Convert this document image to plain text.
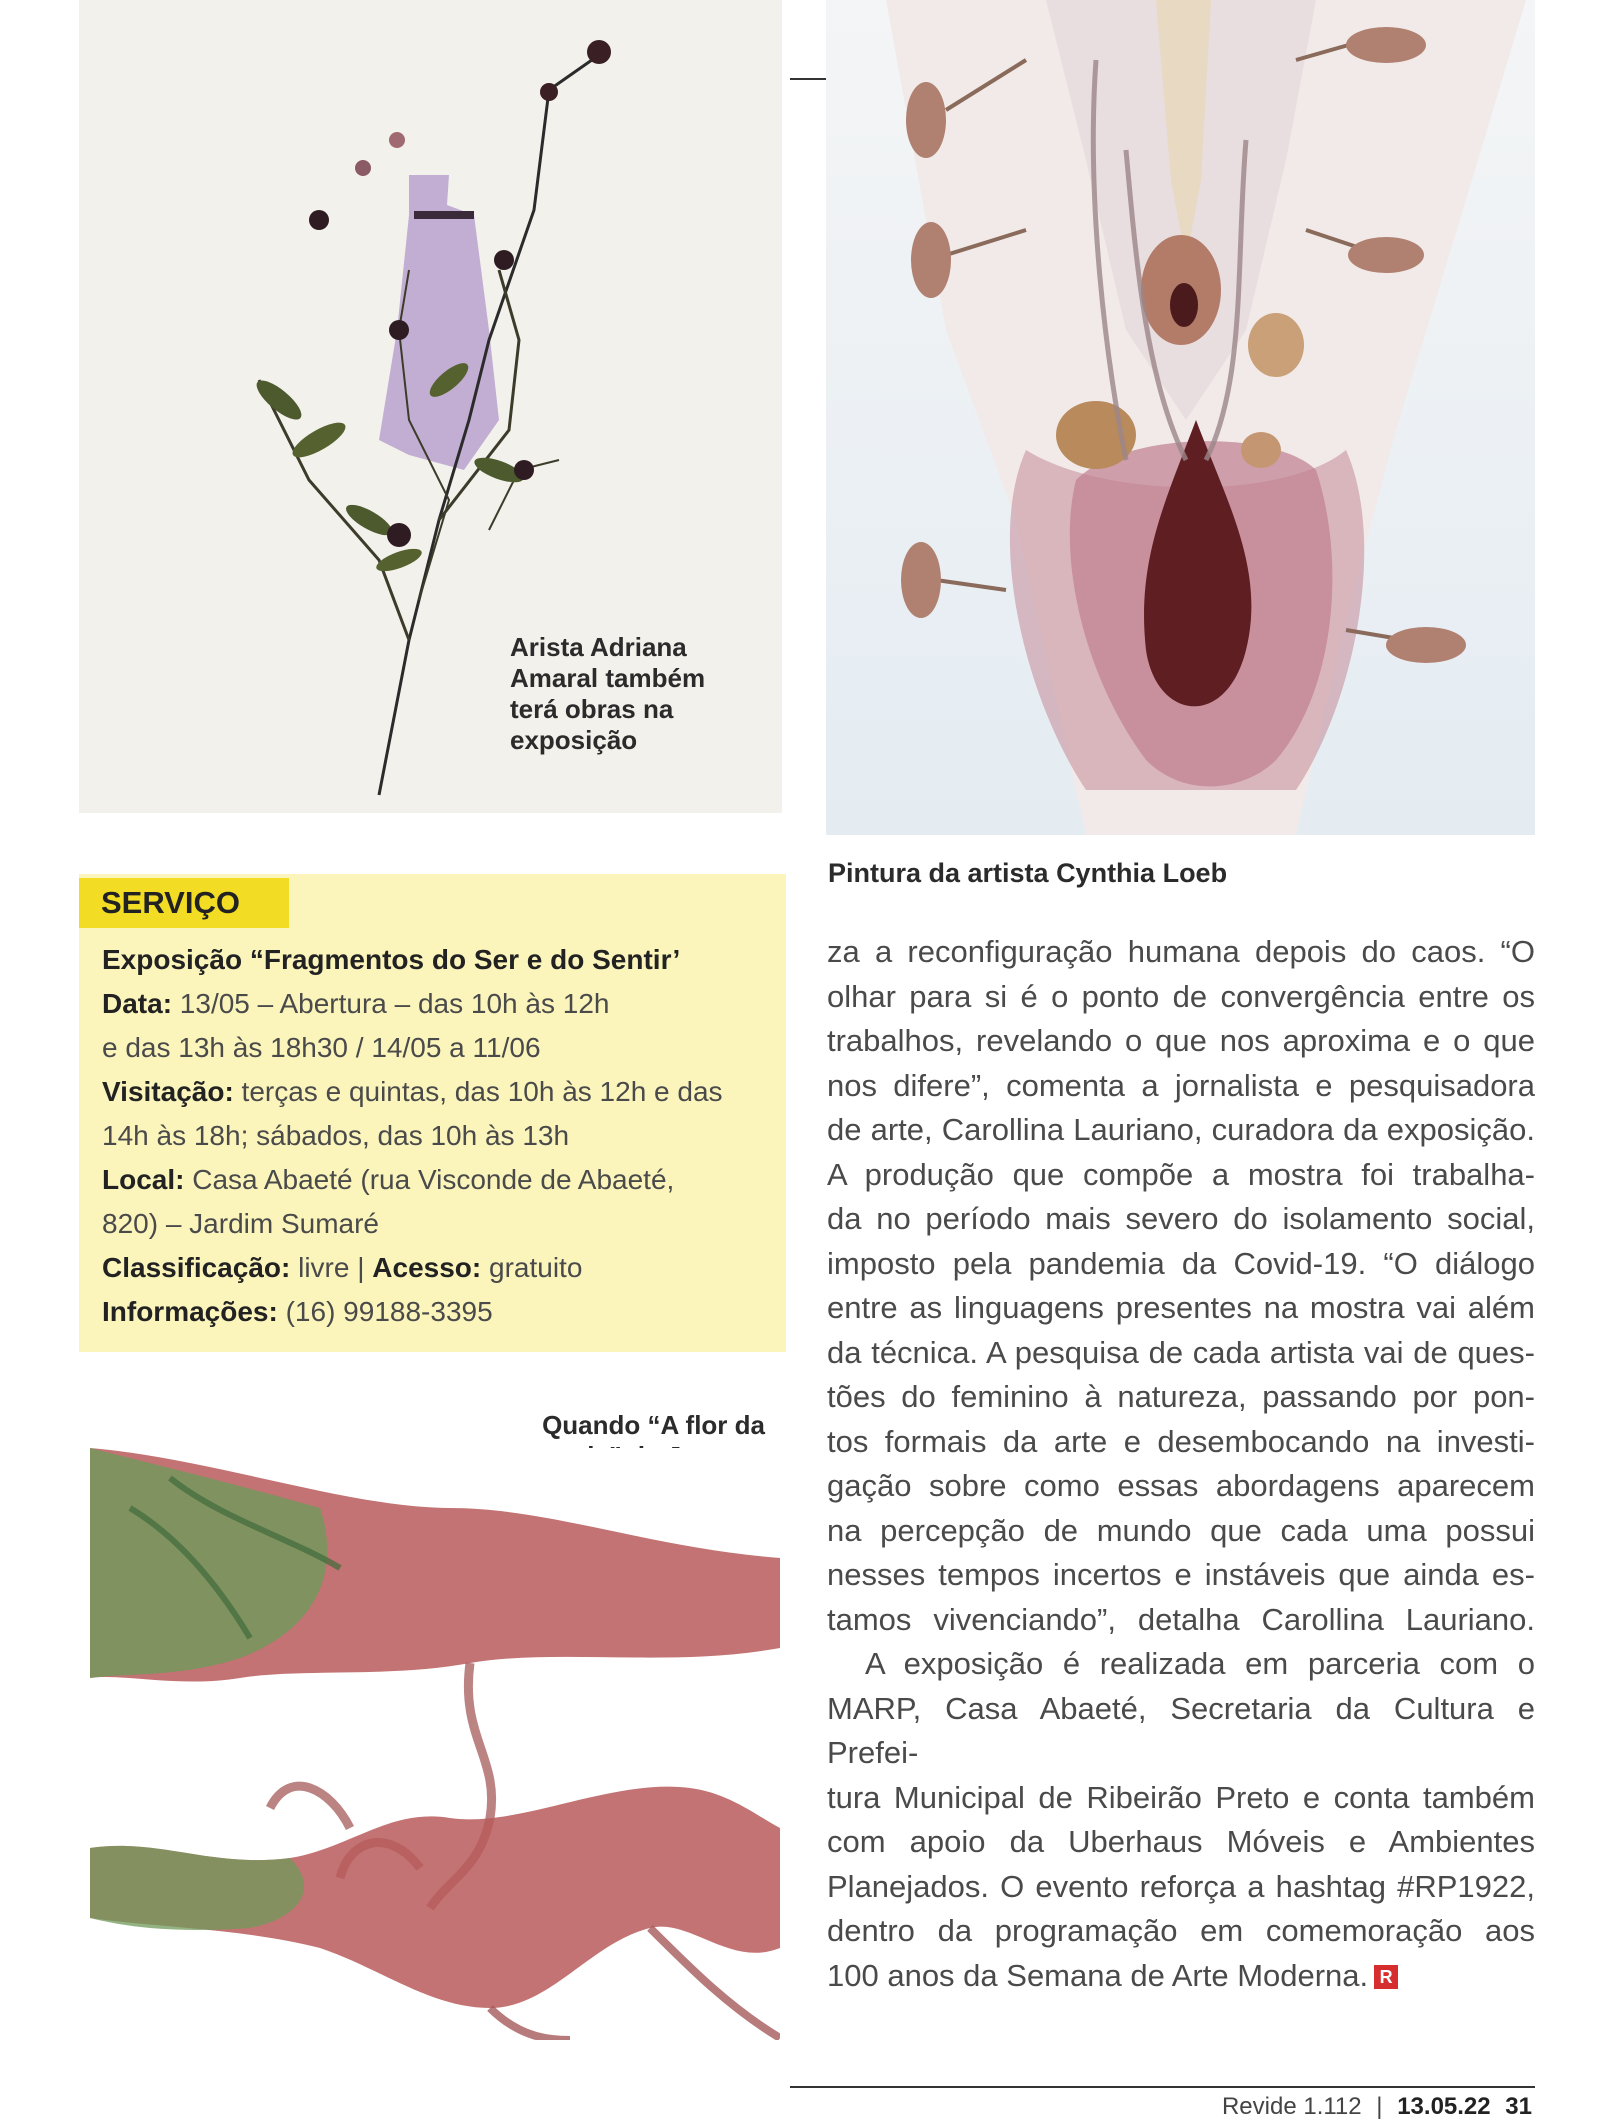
Arista Adriana
Amaral também
terá obras na
exposição
Pintura da artista Cynthia Loeb
SERVIÇO
Exposição “Fragmentos do Ser e do Sentir’
Data: 13/05 – Abertura – das 10h às 12h
e das 13h às 18h30 / 14/05 a 11/06
Visitação: terças e quintas, das 10h às 12h e das
14h às 18h; sábados, das 10h às 13h
Local: Casa Abaeté (rua Visconde de Abaeté,
820) – Jardim Sumaré
Classificação: livre | Acesso: gratuito
Informações: (16) 99188-3395
Quando “A flor da
za a reconfiguração humana depois do caos. “O
olhar para si é o ponto de convergência entre os
trabalhos, revelando o que nos aproxima e o que
nos difere”, comenta a jornalista e pesquisadora
de arte, Carollina Lauriano, curadora da exposição.
A produção que compõe a mostra foi trabalha-
da no período mais severo do isolamento social,
imposto pela pandemia da Covid-19. “O diálogo
entre as linguagens presentes na mostra vai além
da técnica. A pesquisa de cada artista vai de ques-
tões do feminino à natureza, passando por pon-
tos formais da arte e desembocando na investi-
gação sobre como essas abordagens aparecem
na percepção de mundo que cada uma possui
nesses tempos incertos e instáveis que ainda es-
tamos vivenciando”, detalha Carollina Lauriano.
A exposição é realizada em parceria com o
MARP, Casa Abaeté, Secretaria da Cultura e Prefei-
tura Municipal de Ribeirão Preto e conta também
com apoio da Uberhaus Móveis e Ambientes
Planejados. O evento reforça a hashtag #RP1922,
dentro da programação em comemoração aos
100 anos da Semana de Arte Moderna. R
Revide 1.112 | 13.05.22 31
